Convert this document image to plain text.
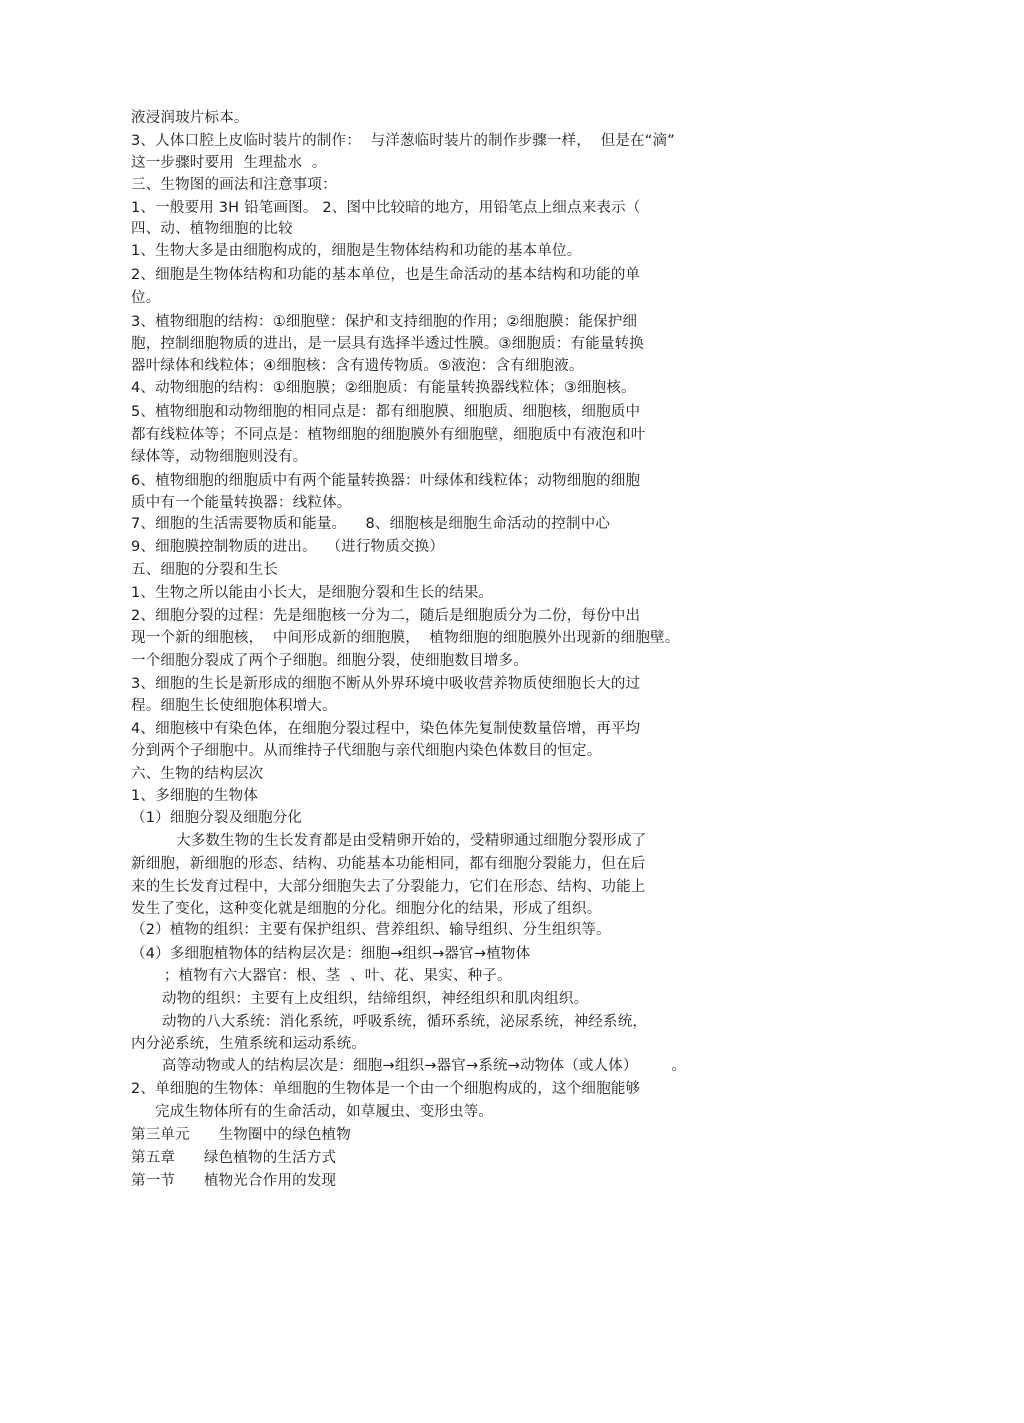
液浸润玻片标本。
3、人体口腔上皮临时装片的制作：  与洋葱临时装片的制作步骤一样，  但是在“滴”
这一步骤时要用  生理盐水  。
三、生物图的画法和注意事项：
1、一般要用 3H 铅笔画图。 2、图中比较暗的地方，用铅笔点上细点来表示（
四、动、植物细胞的比较
1、生物大多是由细胞构成的，细胞是生物体结构和功能的基本单位。
2、细胞是生物体结构和功能的基本单位，也是生命活动的基本结构和功能的单
位。
3、植物细胞的结构：①细胞壁：保护和支持细胞的作用；②细胞膜：能保护细
胞，控制细胞物质的进出，是一层具有选择半透过性膜。③细胞质：有能量转换
器叶绿体和线粒体；④细胞核：含有遗传物质。⑤液泡：含有细胞液。
4、动物细胞的结构：①细胞膜；②细胞质：有能量转换器线粒体；③细胞核。
5、植物细胞和动物细胞的相同点是：都有细胞膜、细胞质、细胞核，细胞质中
都有线粒体等；不同点是：植物细胞的细胞膜外有细胞壁，细胞质中有液泡和叶
绿体等，动物细胞则没有。
6、植物细胞的细胞质中有两个能量转换器：叶绿体和线粒体；动物细胞的细胞
质中有一个能量转换器：线粒体。
7、细胞的生活需要物质和能量。    8、细胞核是细胞生命活动的控制中心
9、细胞膜控制物质的进出。  （进行物质交换）
五、细胞的分裂和生长
1、生物之所以能由小长大，是细胞分裂和生长的结果。
2、细胞分裂的过程：先是细胞核一分为二，随后是细胞质分为二份，每份中出
现一个新的细胞核，  中间形成新的细胞膜，  植物细胞的细胞膜外出现新的细胞壁。
一个细胞分裂成了两个子细胞。细胞分裂，使细胞数目增多。
3、细胞的生长是新形成的细胞不断从外界环境中吸收营养物质使细胞长大的过
程。细胞生长使细胞体积增大。
4、细胞核中有染色体，在细胞分裂过程中，染色体先复制使数量倍增，再平均
分到两个子细胞中。从而维持子代细胞与亲代细胞内染色体数目的恒定。
六、生物的结构层次
1、多细胞的生物体
（1）细胞分裂及细胞分化
大多数生物的生长发育都是由受精卵开始的，受精卵通过细胞分裂形成了
新细胞，新细胞的形态、结构、功能基本功能相同，都有细胞分裂能力，但在后
来的生长发育过程中，大部分细胞失去了分裂能力，它们在形态、结构、功能上
发生了变化，这种变化就是细胞的分化。细胞分化的结果，形成了组织。
（2）植物的组织：主要有保护组织、营养组织、输导组织、分生组织等。
（4）多细胞植物体的结构层次是：细胞→组织→器官→植物体
；植物有六大器官：根、茎  、叶、花、果实、种子。
动物的组织：主要有上皮组织，结缔组织，神经组织和肌肉组织。
动物的八大系统：消化系统，呼吸系统，循环系统，泌尿系统，神经系统，
内分泌系统，生殖系统和运动系统。
高等动物或人的结构层次是：细胞→组织→器官→系统→动物体（或人体）       。
2、单细胞的生物体：单细胞的生物体是一个由一个细胞构成的，这个细胞能够
完成生物体所有的生命活动，如草履虫、变形虫等。
第三单元      生物圈中的绿色植物
第五章      绿色植物的生活方式
第一节      植物光合作用的发现
